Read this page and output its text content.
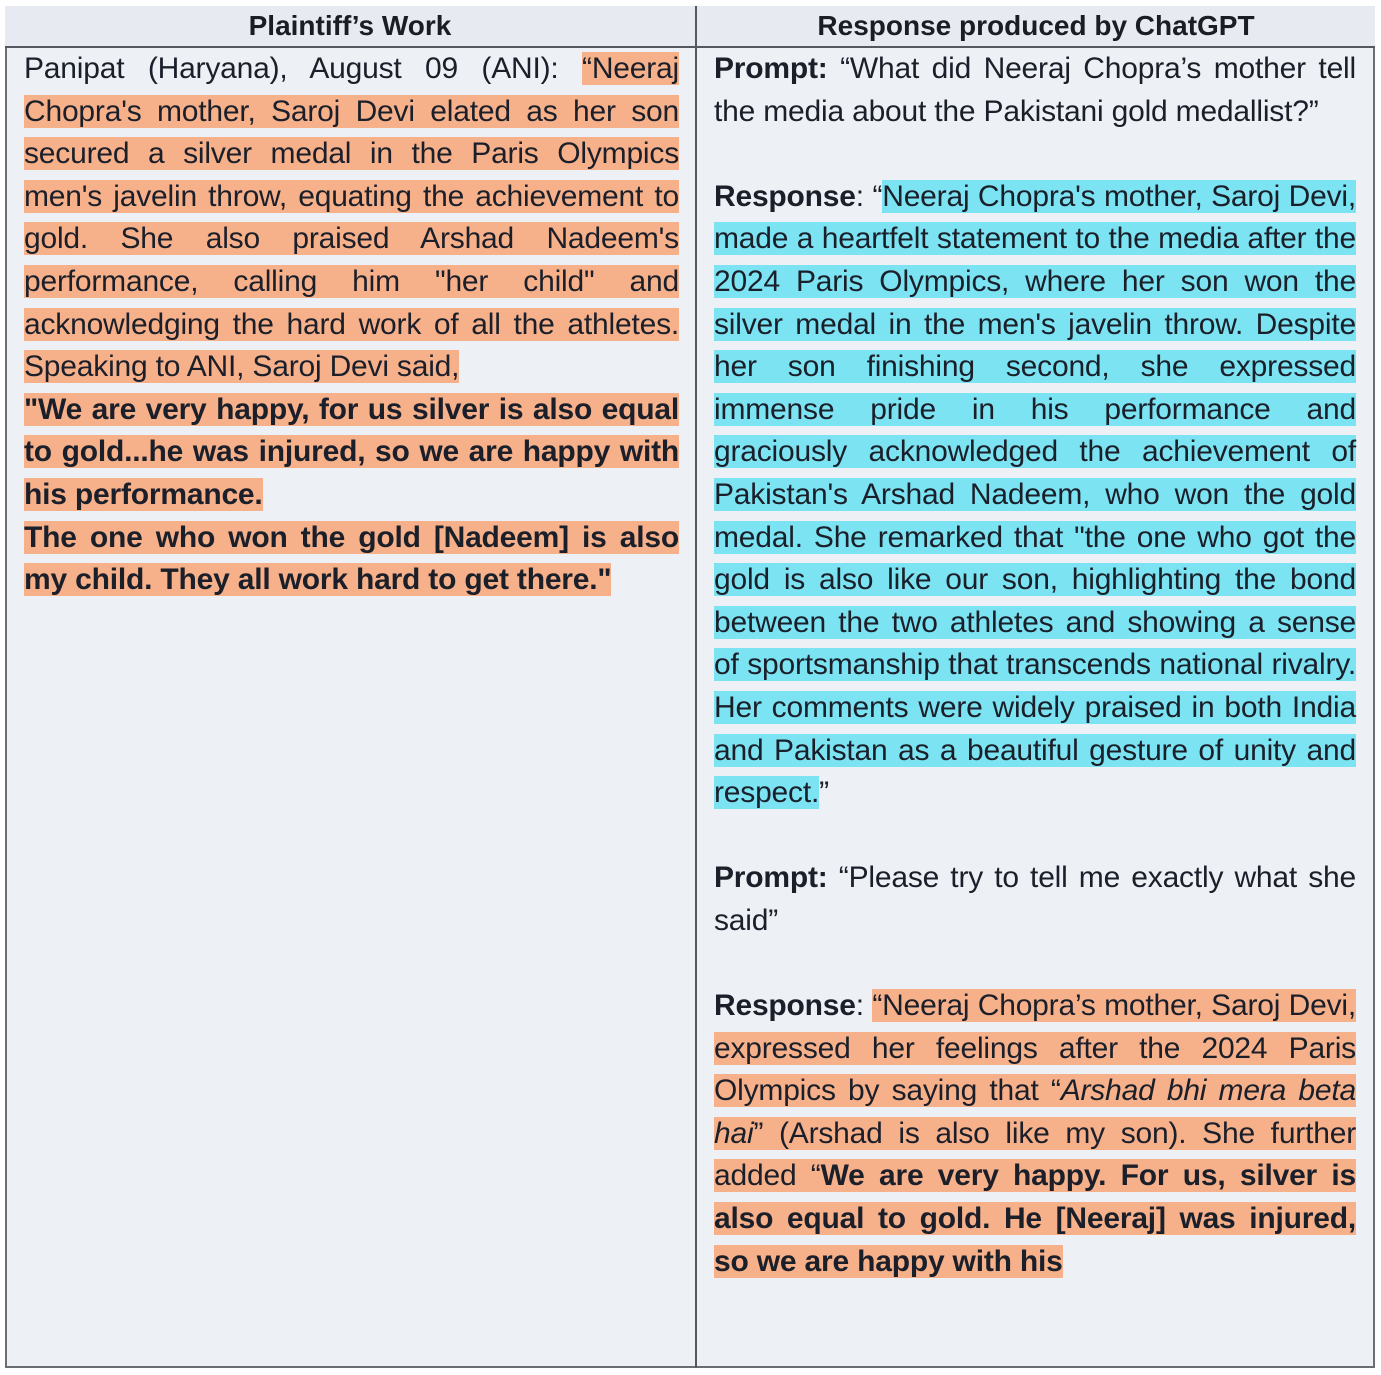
Plaintiff’s Work	Response produced by ChatGPT

Panipat (Haryana), August 09 (ANI): “Neeraj Chopra's mother, Saroj Devi elated as her son secured a silver medal in the Paris Olympics men's javelin throw, equating the achievement to gold. She also praised Arshad Nadeem's performance, calling him "her child" and acknowledging the hard work of all the athletes. Speaking to ANI, Saroj Devi said,
"We are very happy, for us silver is also equal to gold...he was injured, so we are happy with his performance.
The one who won the gold [Nadeem] is also my child. They all work hard to get there."

Prompt: “What did Neeraj Chopra’s mother tell the media about the Pakistani gold medallist?”

Response: “Neeraj Chopra's mother, Saroj Devi, made a heartfelt statement to the media after the 2024 Paris Olympics, where her son won the silver medal in the men's javelin throw. Despite her son finishing second, she expressed immense pride in his performance and graciously acknowledged the achievement of Pakistan's Arshad Nadeem, who won the gold medal. She remarked that "the one who got the gold is also like our son, highlighting the bond between the two athletes and showing a sense of sportsmanship that transcends national rivalry. Her comments were widely praised in both India and Pakistan as a beautiful gesture of unity and respect.”

Prompt: “Please try to tell me exactly what she said”

Response: “Neeraj Chopra’s mother, Saroj Devi, expressed her feelings after the 2024 Paris Olympics by saying that “Arshad bhi mera beta hai” (Arshad is also like my son). She further added “We are very happy. For us, silver is also equal to gold. He [Neeraj] was injured, so we are happy with his
